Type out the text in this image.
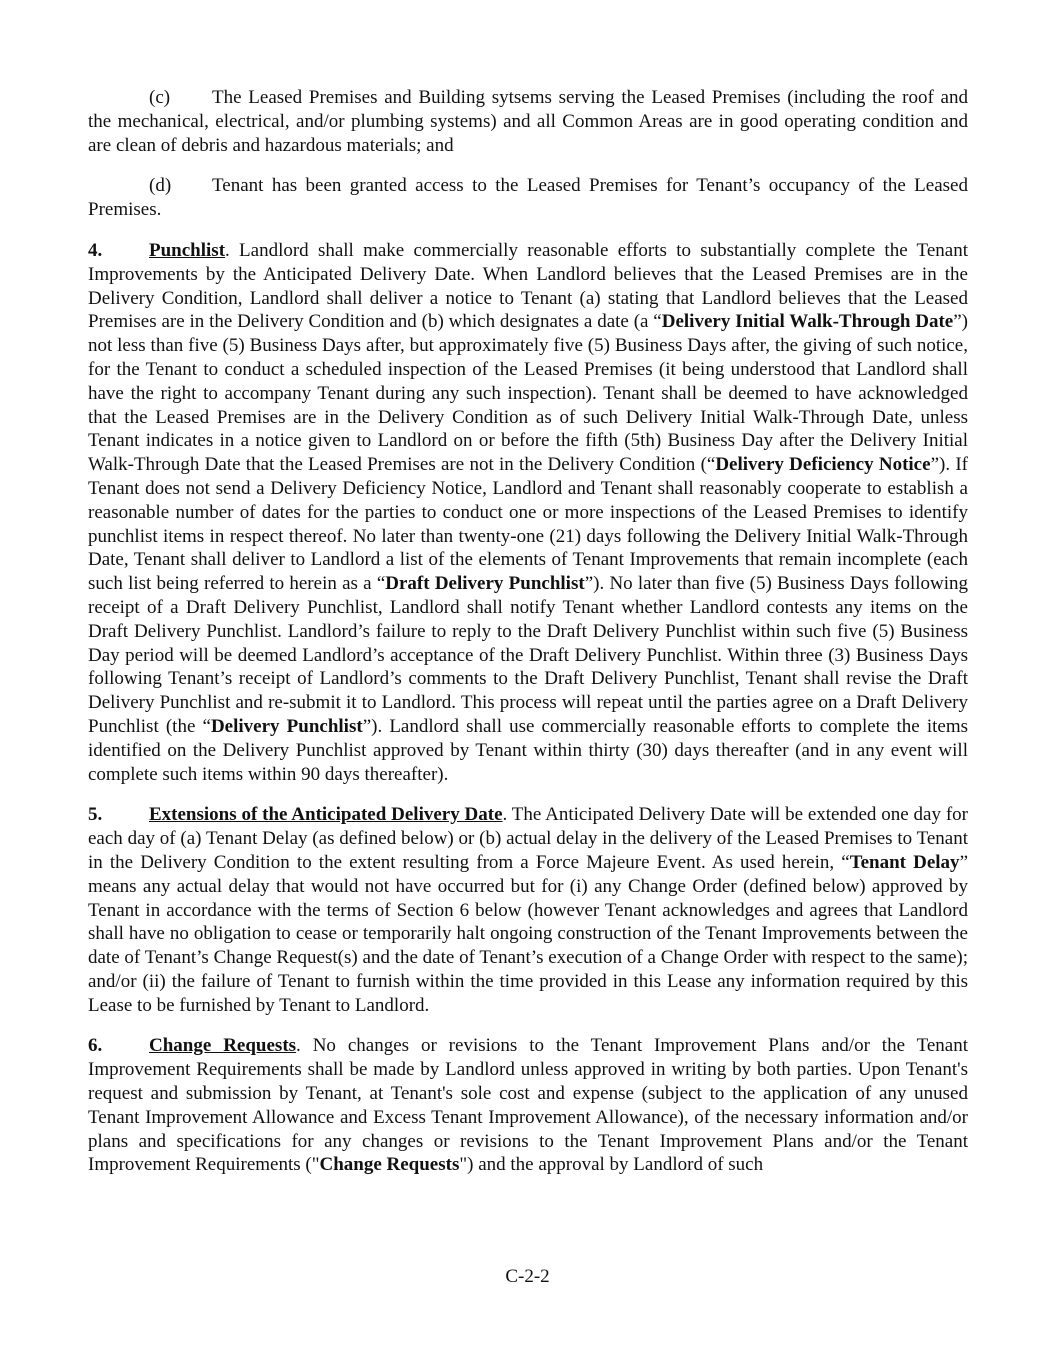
(c) The Leased Premises and Building sytsems serving the Leased Premises (including the roof and the mechanical, electrical, and/or plumbing systems) and all Common Areas are in good operating condition and are clean of debris and hazardous materials; and

(d) Tenant has been granted access to the Leased Premises for Tenant’s occupancy of the Leased Premises.

4. Punchlist. Landlord shall make commercially reasonable efforts to substantially complete the Tenant Improvements by the Anticipated Delivery Date. When Landlord believes that the Leased Premises are in the Delivery Condition, Landlord shall deliver a notice to Tenant (a) stating that Landlord believes that the Leased Premises are in the Delivery Condition and (b) which designates a date (a “Delivery Initial Walk-Through Date”) not less than five (5) Business Days after, but approximately five (5) Business Days after, the giving of such notice, for the Tenant to conduct a scheduled inspection of the Leased Premises (it being understood that Landlord shall have the right to accompany Tenant during any such inspection). Tenant shall be deemed to have acknowledged that the Leased Premises are in the Delivery Condition as of such Delivery Initial Walk-Through Date, unless Tenant indicates in a notice given to Landlord on or before the fifth (5th) Business Day after the Delivery Initial Walk-Through Date that the Leased Premises are not in the Delivery Condition (“Delivery Deficiency Notice”). If Tenant does not send a Delivery Deficiency Notice, Landlord and Tenant shall reasonably cooperate to establish a reasonable number of dates for the parties to conduct one or more inspections of the Leased Premises to identify punchlist items in respect thereof. No later than twenty-one (21) days following the Delivery Initial Walk-Through Date, Tenant shall deliver to Landlord a list of the elements of Tenant Improvements that remain incomplete (each such list being referred to herein as a “Draft Delivery Punchlist”). No later than five (5) Business Days following receipt of a Draft Delivery Punchlist, Landlord shall notify Tenant whether Landlord contests any items on the Draft Delivery Punchlist. Landlord’s failure to reply to the Draft Delivery Punchlist within such five (5) Business Day period will be deemed Landlord’s acceptance of the Draft Delivery Punchlist. Within three (3) Business Days following Tenant’s receipt of Landlord’s comments to the Draft Delivery Punchlist, Tenant shall revise the Draft Delivery Punchlist and re-submit it to Landlord. This process will repeat until the parties agree on a Draft Delivery Punchlist (the “Delivery Punchlist”). Landlord shall use commercially reasonable efforts to complete the items identified on the Delivery Punchlist approved by Tenant within thirty (30) days thereafter (and in any event will complete such items within 90 days thereafter).

5. Extensions of the Anticipated Delivery Date. The Anticipated Delivery Date will be extended one day for each day of (a) Tenant Delay (as defined below) or (b) actual delay in the delivery of the Leased Premises to Tenant in the Delivery Condition to the extent resulting from a Force Majeure Event. As used herein, “Tenant Delay” means any actual delay that would not have occurred but for (i) any Change Order (defined below) approved by Tenant in accordance with the terms of Section 6 below (however Tenant acknowledges and agrees that Landlord shall have no obligation to cease or temporarily halt ongoing construction of the Tenant Improvements between the date of Tenant’s Change Request(s) and the date of Tenant’s execution of a Change Order with respect to the same); and/or (ii) the failure of Tenant to furnish within the time provided in this Lease any information required by this Lease to be furnished by Tenant to Landlord.

6. Change Requests. No changes or revisions to the Tenant Improvement Plans and/or the Tenant Improvement Requirements shall be made by Landlord unless approved in writing by both parties. Upon Tenant's request and submission by Tenant, at Tenant's sole cost and expense (subject to the application of any unused Tenant Improvement Allowance and Excess Tenant Improvement Allowance), of the necessary information and/or plans and specifications for any changes or revisions to the Tenant Improvement Plans and/or the Tenant Improvement Requirements ("Change Requests") and the approval by Landlord of such

C-2-2
